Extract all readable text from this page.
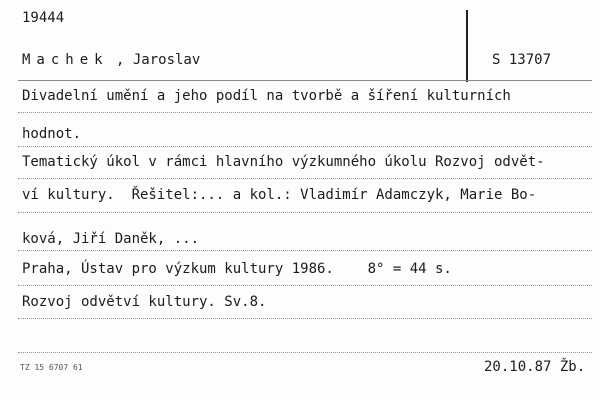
19444
Machek , Jaroslav	S 13707
Divadelní umění a jeho podíl na tvorbě a šíření kulturních
hodnot.
Tematický úkol v rámci hlavního výzkumného úkolu Rozvoj odvět-
ví kultury.  Řešitel:... a kol.: Vladimír Adamczyk, Marie Bo-
ková, Jiří Daněk, ...
Praha, Ústav pro výzkum kultury 1986.    8° = 44 s.
Rozvoj odvětví kultury. Sv.8.
TZ 15 6707 61	20.10.87 Žb.
